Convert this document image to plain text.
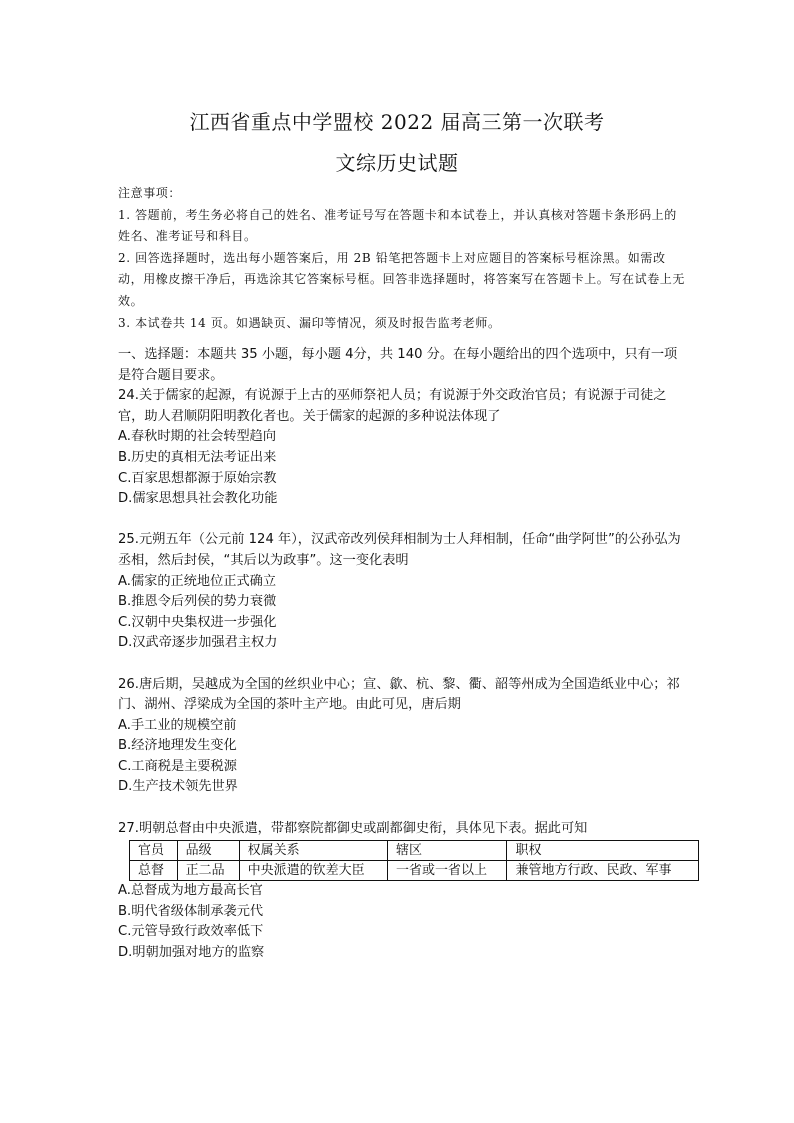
江西省重点中学盟校 2022 届高三第一次联考
文综历史试题

注意事项：

1. 答题前，考生务必将自己的姓名、准考证号写在答题卡和本试卷上，并认真核对答题卡条形码上的姓名、准考证号和科目。

2. 回答选择题时，选出每小题答案后，用 2B 铅笔把答题卡上对应题目的答案标号框涂黑。如需改动，用橡皮擦干净后，再选涂其它答案标号框。回答非选择题时，将答案写在答题卡上。写在试卷上无效。

3. 本试卷共 14 页。如遇缺页、漏印等情况，须及时报告监考老师。

一、选择题：本题共 35 小题，每小题 4分，共 140 分。在每小题给出的四个选项中，只有一项是符合题目要求。

24.关于儒家的起源，有说源于上古的巫师祭祀人员；有说源于外交政治官员；有说源于司徒之官，助人君顺阴阳明教化者也。关于儒家的起源的多种说法体现了

A.春秋时期的社会转型趋向

B.历史的真相无法考证出来

C.百家思想都源于原始宗教

D.儒家思想具社会教化功能

25.元朔五年（公元前 124 年），汉武帝改列侯拜相制为士人拜相制，任命“曲学阿世”的公孙弘为丞相，然后封侯，“其后以为政事”。这一变化表明

A.儒家的正统地位正式确立

B.推恩令后列侯的势力衰微

C.汉朝中央集权进一步强化

D.汉武帝逐步加强君主权力

26.唐后期，吴越成为全国的丝织业中心；宣、歙、杭、黎、衢、韶等州成为全国造纸业中心；祁门、湖州、浮梁成为全国的茶叶主产地。由此可见，唐后期

A.手工业的规模空前

B.经济地理发生变化

C.工商税是主要税源

D.生产技术领先世界

27.明朝总督由中央派遣，带都察院都御史或副都御史衔，具体见下表。据此可知

官员	品级	权属关系	辖区	职权
总督	正二品	中央派遣的钦差大臣	一省或一省以上	兼管地方行政、民政、军事

A.总督成为地方最高长官

B.明代省级体制承袭元代

C.元管导致行政效率低下

D.明朝加强对地方的监察
